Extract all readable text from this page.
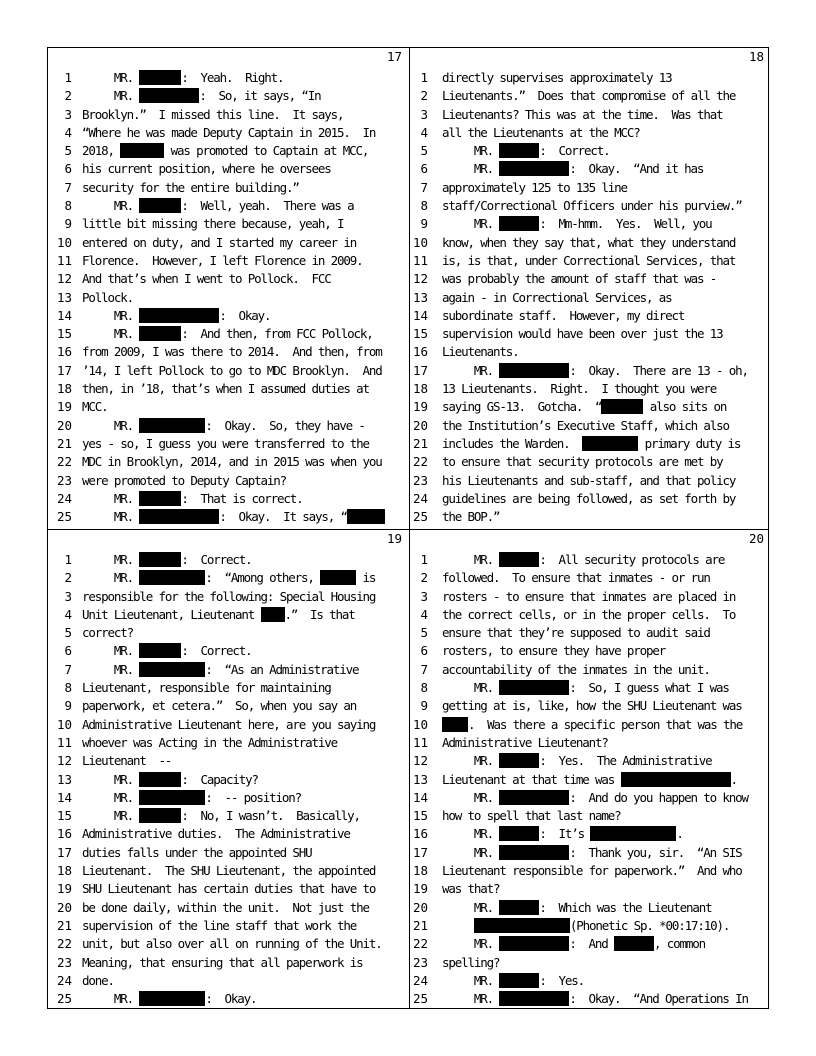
17
1 MR.	:  Yeah.  Right.
2 MR.	:  So, it says, “In
3 Brooklyn.”  I missed this line.  It says,
4 “Where he was made Deputy Captain in 2015.  In
5 2018,	was promoted to Captain at MCC,
6 his current position, where he oversees
7 security for the entire building.”
8 MR.	:  Well, yeah.  There was a
9 little bit missing there because, yeah, I
10 entered on duty, and I started my career in
11 Florence.  However, I left Florence in 2009.
12 And that’s when I went to Pollock.  FCC
13 Pollock.
14 MR.	:  Okay.
15 MR.	:  And then, from FCC Pollock,
16 from 2009, I was there to 2014.  And then, from
17 ’14, I left Pollock to go to MDC Brooklyn.  And
18 then, in ’18, that’s when I assumed duties at
19 MCC.
20 MR.	:  Okay.  So, they have -
21 yes - so, I guess you were transferred to the
22 MDC in Brooklyn, 2014, and in 2015 was when you
23 were promoted to Deputy Captain?
24 MR.	:  That is correct.
25 MR.	:  Okay.  It says, “
18
1 directly supervises approximately 13
2 Lieutenants.”  Does that compromise of all the
3 Lieutenants? This was at the time.  Was that
4 all the Lieutenants at the MCC?
5 MR.	:  Correct.
6 MR.	:  Okay.  “And it has
7 approximately 125 to 135 line
8 staff/Correctional Officers under his purview.”
9 MR.	:  Mm-hmm.  Yes.  Well, you
10 know, when they say that, what they understand
11 is, is that, under Correctional Services, that
12 was probably the amount of staff that was -
13 again - in Correctional Services, as
14 subordinate staff.  However, my direct
15 supervision would have been over just the 13
16 Lieutenants.
17 MR.	:  Okay.  There are 13 - oh,
18 13 Lieutenants.  Right.  I thought you were
19 saying GS-13.  Gotcha.  “	also sits on
20 the Institution’s Executive Staff, which also
21 includes the Warden.	primary duty is
22 to ensure that security protocols are met by
23 his Lieutenants and sub-staff, and that policy
24 guidelines are being followed, as set forth by
25 the BOP.”
19
1 MR.	:  Correct.
2 MR.	:  “Among others,	is
3 responsible for the following: Special Housing
4 Unit Lieutenant, Lieutenant .”  Is that
5 correct?
6 MR.	:  Correct.
7 MR.	:  “As an Administrative
8 Lieutenant, responsible for maintaining
9 paperwork, et cetera.”  So, when you say an
10 Administrative Lieutenant here, are you saying
11 whoever was Acting in the Administrative
12 Lieutenant  --
13 MR.	:  Capacity?
14 MR.	:  -- position?
15 MR.	:  No, I wasn’t.  Basically,
16 Administrative duties.  The Administrative
17 duties falls under the appointed SHU
18 Lieutenant.  The SHU Lieutenant, the appointed
19 SHU Lieutenant has certain duties that have to
20 be done daily, within the unit.  Not just the
21 supervision of the line staff that work the
22 unit, but also over all on running of the Unit.
23 Meaning, that ensuring that all paperwork is
24 done.
25 MR.	:  Okay.
20
1 MR.	:  All security protocols are
2 followed.  To ensure that inmates - or run
3 rosters - to ensure that inmates are placed in
4 the correct cells, or in the proper cells.  To
5 ensure that they’re supposed to audit said
6 rosters, to ensure they have proper
7 accountability of the inmates in the unit.
8 MR.	:  So, I guess what I was
9 getting at is, like, how the SHU Lieutenant was
10	.  Was there a specific person that was the
11 Administrative Lieutenant?
12 MR.	:  Yes.  The Administrative
13 Lieutenant at that time was	.
14 MR.	:  And do you happen to know
15 how to spell that last name?
16 MR.	:  It’s	.
17 MR.	:  Thank you, sir.  “An SIS
18 Lieutenant responsible for paperwork.”  And who
19 was that?
20 MR.	:  Which was the Lieutenant
21	(Phonetic Sp. *00:17:10).
22 MR.	:  And	, common
23 spelling?
24 MR.	:  Yes.
25 MR.	:  Okay.  “And Operations In
